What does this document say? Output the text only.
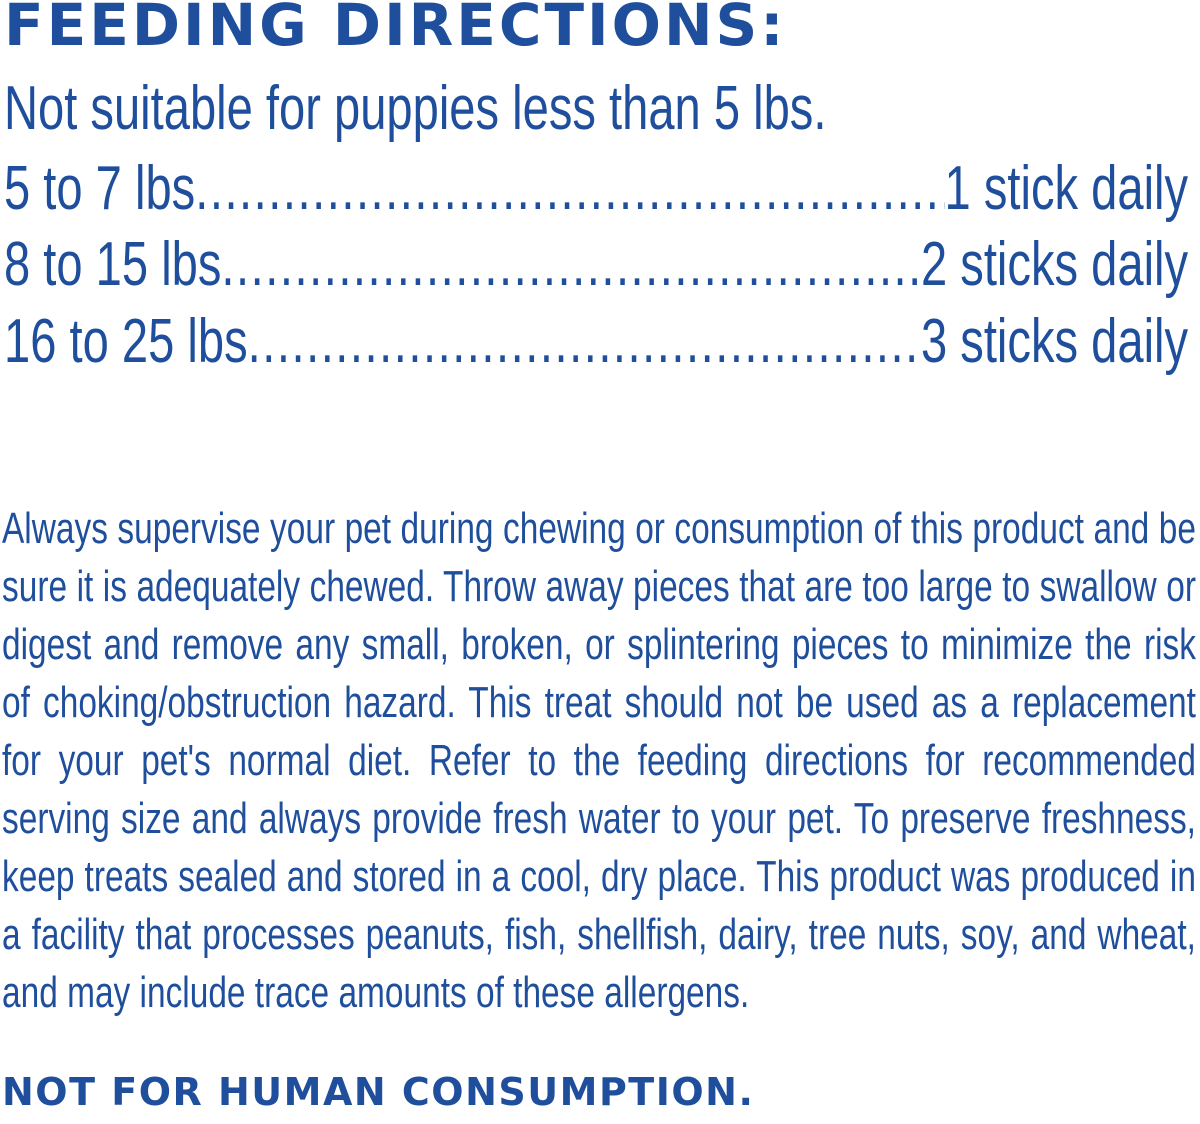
FEEDING DIRECTIONS:
Not suitable for puppies less than 5 lbs.
5 to 7 lbs .....	1 stick daily
8 to 15 lbs .....	2 sticks daily
16 to 25 lbs .....	3 sticks daily

Always supervise your pet during chewing or consumption of this product and be sure it is adequately chewed. Throw away pieces that are too large to swallow or digest and remove any small, broken, or splintering pieces to minimize the risk of choking/obstruction hazard. This treat should not be used as a replacement for your pet's normal diet. Refer to the feeding directions for recommended serving size and always provide fresh water to your pet. To preserve freshness, keep treats sealed and stored in a cool, dry place. This product was produced in a facility that processes peanuts, fish, shellfish, dairy, tree nuts, soy, and wheat, and may include trace amounts of these allergens.

NOT FOR HUMAN CONSUMPTION.
